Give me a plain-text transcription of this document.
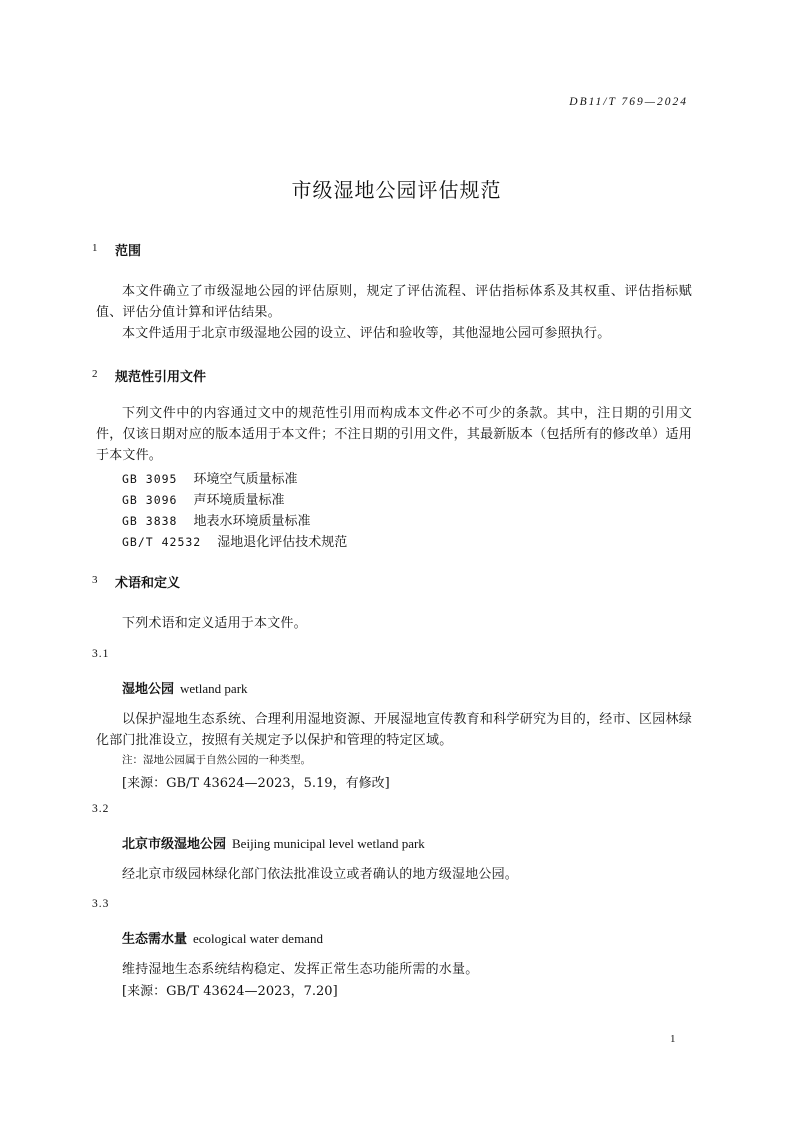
DB11/T 769—2024
市级湿地公园评估规范
1 范围
本文件确立了市级湿地公园的评估原则，规定了评估流程、评估指标体系及其权重、评估指标赋值、评估分值计算和评估结果。
本文件适用于北京市级湿地公园的设立、评估和验收等，其他湿地公园可参照执行。
2 规范性引用文件
下列文件中的内容通过文中的规范性引用而构成本文件必不可少的条款。其中，注日期的引用文件，仅该日期对应的版本适用于本文件；不注日期的引用文件，其最新版本（包括所有的修改单）适用于本文件。
GB 3095 环境空气质量标准
GB 3096 声环境质量标准
GB 3838 地表水环境质量标准
GB/T 42532 湿地退化评估技术规范
3 术语和定义
下列术语和定义适用于本文件。
3.1
湿地公园 wetland park
以保护湿地生态系统、合理利用湿地资源、开展湿地宣传教育和科学研究为目的，经市、区园林绿化部门批准设立，按照有关规定予以保护和管理的特定区域。
注：湿地公园属于自然公园的一种类型。
[来源：GB/T 43624—2023，5.19，有修改]
3.2
北京市级湿地公园 Beijing municipal level wetland park
经北京市级园林绿化部门依法批准设立或者确认的地方级湿地公园。
3.3
生态需水量 ecological water demand
维持湿地生态系统结构稳定、发挥正常生态功能所需的水量。
[来源：GB/T 43624—2023，7.20]
1
